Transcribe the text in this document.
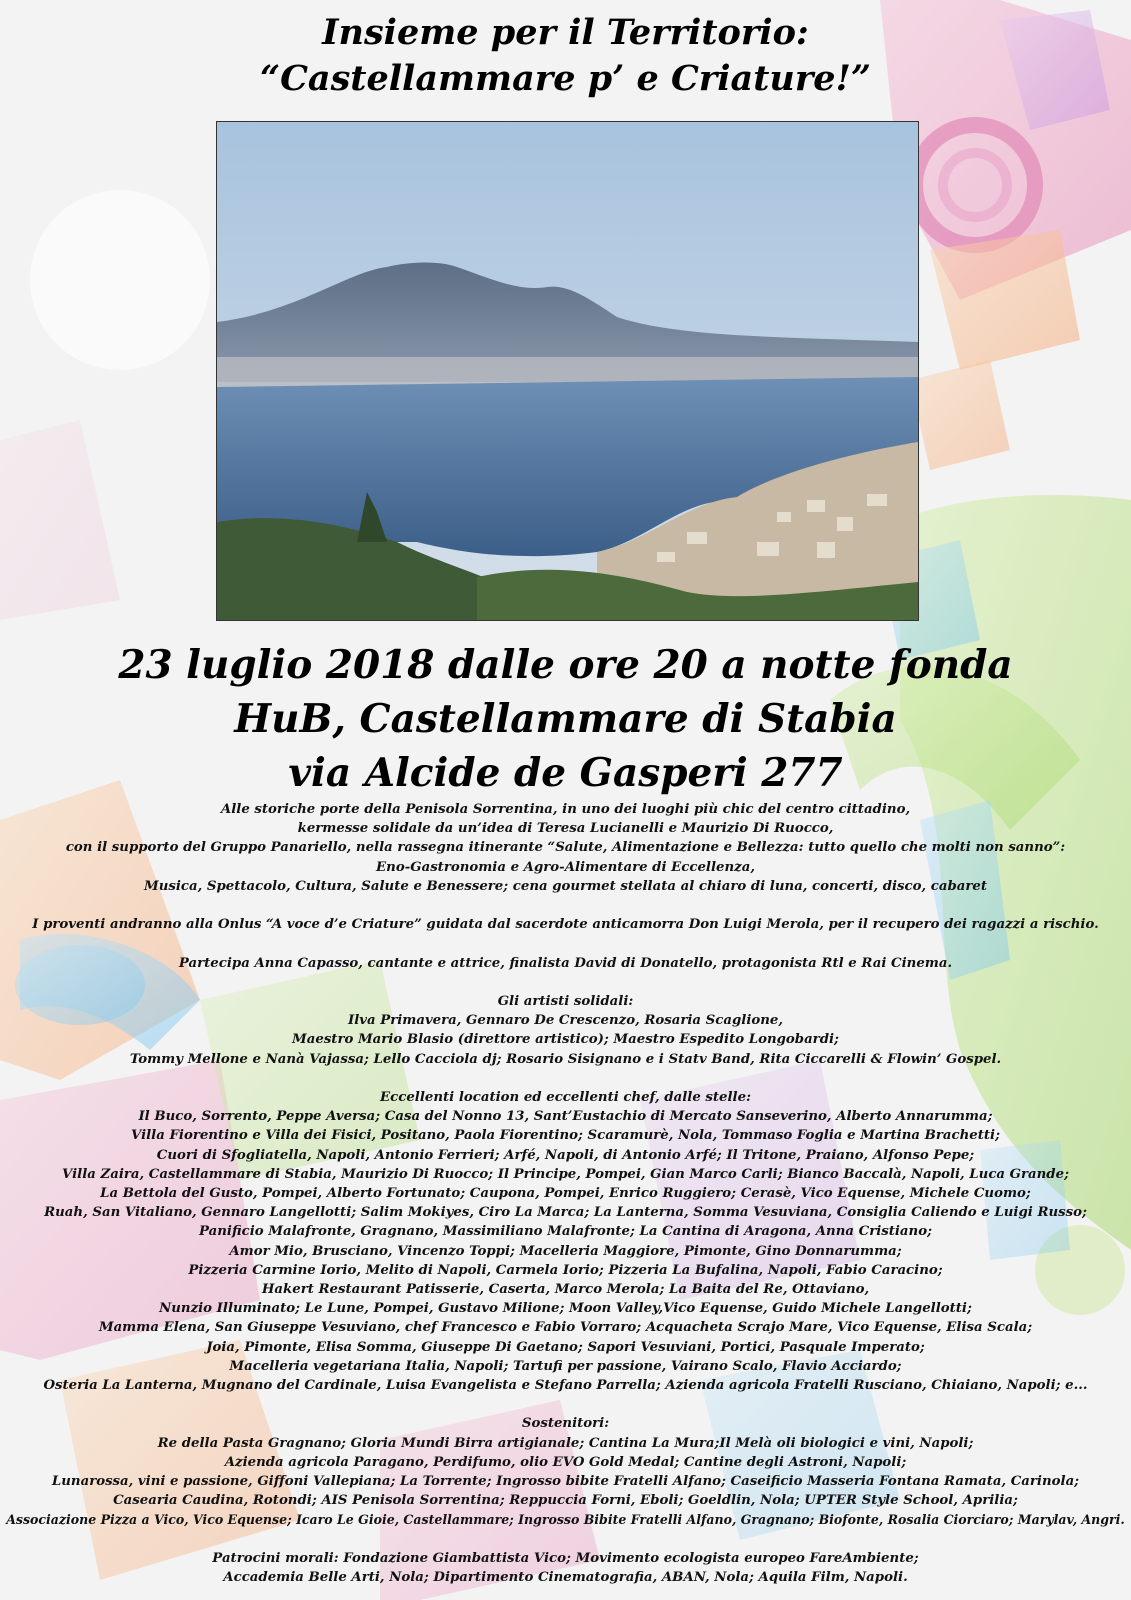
Insieme per il Territorio:
“Castellammare p’ e Criature!”
23 luglio 2018 dalle ore 20 a notte fonda
HuB, Castellammare di Stabia
via Alcide de Gasperi 277
Alle storiche porte della Penisola Sorrentina, in uno dei luoghi più chic del centro cittadino,
kermesse solidale da un’idea di Teresa Lucianelli e Maurizio Di Ruocco,
con il supporto del Gruppo Panariello, nella rassegna itinerante “Salute, Alimentazione e Bellezza: tutto quello che molti non sanno”:
Eno-Gastronomia e Agro-Alimentare di Eccellenza,
Musica, Spettacolo, Cultura, Salute e Benessere; cena gourmet stellata al chiaro di luna, concerti, disco, cabaret
I proventi andranno alla Onlus “A voce d’e Criature” guidata dal sacerdote anticamorra Don Luigi Merola, per il recupero dei ragazzi a rischio.
Partecipa Anna Capasso, cantante e attrice, finalista David di Donatello, protagonista Rtl e Rai Cinema.
Gli artisti solidali:
Ilva Primavera, Gennaro De Crescenzo, Rosaria Scaglione,
Maestro Mario Blasio (direttore artistico); Maestro Espedito Longobardi;
Tommy Mellone e Nanà Vajassa; Lello Cacciola dj; Rosario Sisignano e i Statv Band, Rita Ciccarelli & Flowin’ Gospel.
Eccellenti location ed eccellenti chef, dalle stelle:
Il Buco, Sorrento, Peppe Aversa; Casa del Nonno 13, Sant’Eustachio di Mercato Sanseverino, Alberto Annarumma;
Villa Fiorentino e Villa dei Fisici, Positano, Paola Fiorentino; Scaramurè, Nola, Tommaso Foglia e Martina Brachetti;
Cuori di Sfogliatella, Napoli, Antonio Ferrieri; Arfé, Napoli, di Antonio Arfé; Il Tritone, Praiano, Alfonso Pepe;
Villa Zaira, Castellammare di Stabia, Maurizio Di Ruocco; Il Principe, Pompei, Gian Marco Carli; Bianco Baccalà, Napoli, Luca Grande;
La Bettola del Gusto, Pompei, Alberto Fortunato; Caupona, Pompei, Enrico Ruggiero; Cerasè, Vico Equense, Michele Cuomo;
Ruah, San Vitaliano, Gennaro Langellotti; Salim Mokiyes, Ciro La Marca; La Lanterna, Somma Vesuviana, Consiglia Caliendo e Luigi Russo;
Panificio Malafronte, Gragnano, Massimiliano Malafronte; La Cantina di Aragona, Anna Cristiano;
Amor Mio, Brusciano, Vincenzo Toppi; Macelleria Maggiore, Pimonte, Gino Donnarumma;
Pizzeria Carmine Iorio, Melito di Napoli, Carmela Iorio; Pizzeria La Bufalina, Napoli, Fabio Caracino;
Hakert Restaurant Patisserie, Caserta, Marco Merola; La Baita del Re, Ottaviano,
Nunzio Illuminato; Le Lune, Pompei, Gustavo Milione; Moon Valley,Vico Equense, Guido Michele Langellotti;
Mamma Elena, San Giuseppe Vesuviano, chef Francesco e Fabio Vorraro; Acquacheta Scrajo Mare, Vico Equense, Elisa Scala;
Joia, Pimonte, Elisa Somma, Giuseppe Di Gaetano; Sapori Vesuviani, Portici, Pasquale Imperato;
Macelleria vegetariana Italia, Napoli; Tartufi per passione, Vairano Scalo, Flavio Acciardo;
Osteria La Lanterna, Mugnano del Cardinale, Luisa Evangelista e Stefano Parrella; Azienda agricola Fratelli Rusciano, Chiaiano, Napoli; e...
Sostenitori:
Re della Pasta Gragnano; Gloria Mundi Birra artigianale; Cantina La Mura;Il Melà oli biologici e vini, Napoli;
Azienda agricola Paragano, Perdifumo, olio EVO Gold Medal; Cantine degli Astroni, Napoli;
Lunarossa, vini e passione, Giffoni Vallepiana; La Torrente; Ingrosso bibite Fratelli Alfano; Caseificio Masseria Fontana Ramata, Carinola;
Casearia Caudina, Rotondi; AIS Penisola Sorrentina; Reppuccia Forni, Eboli; Goeldlin, Nola; UPTER Style School, Aprilia;
Associazione Pizza a Vico, Vico Equense; Icaro Le Gioie, Castellammare; Ingrosso Bibite Fratelli Alfano, Gragnano; Biofonte, Rosalia Ciorciaro; Marylav, Angri.
Patrocini morali: Fondazione Giambattista Vico; Movimento ecologista europeo FareAmbiente;
Accademia Belle Arti, Nola; Dipartimento Cinematografia, ABAN, Nola; Aquila Film, Napoli.
